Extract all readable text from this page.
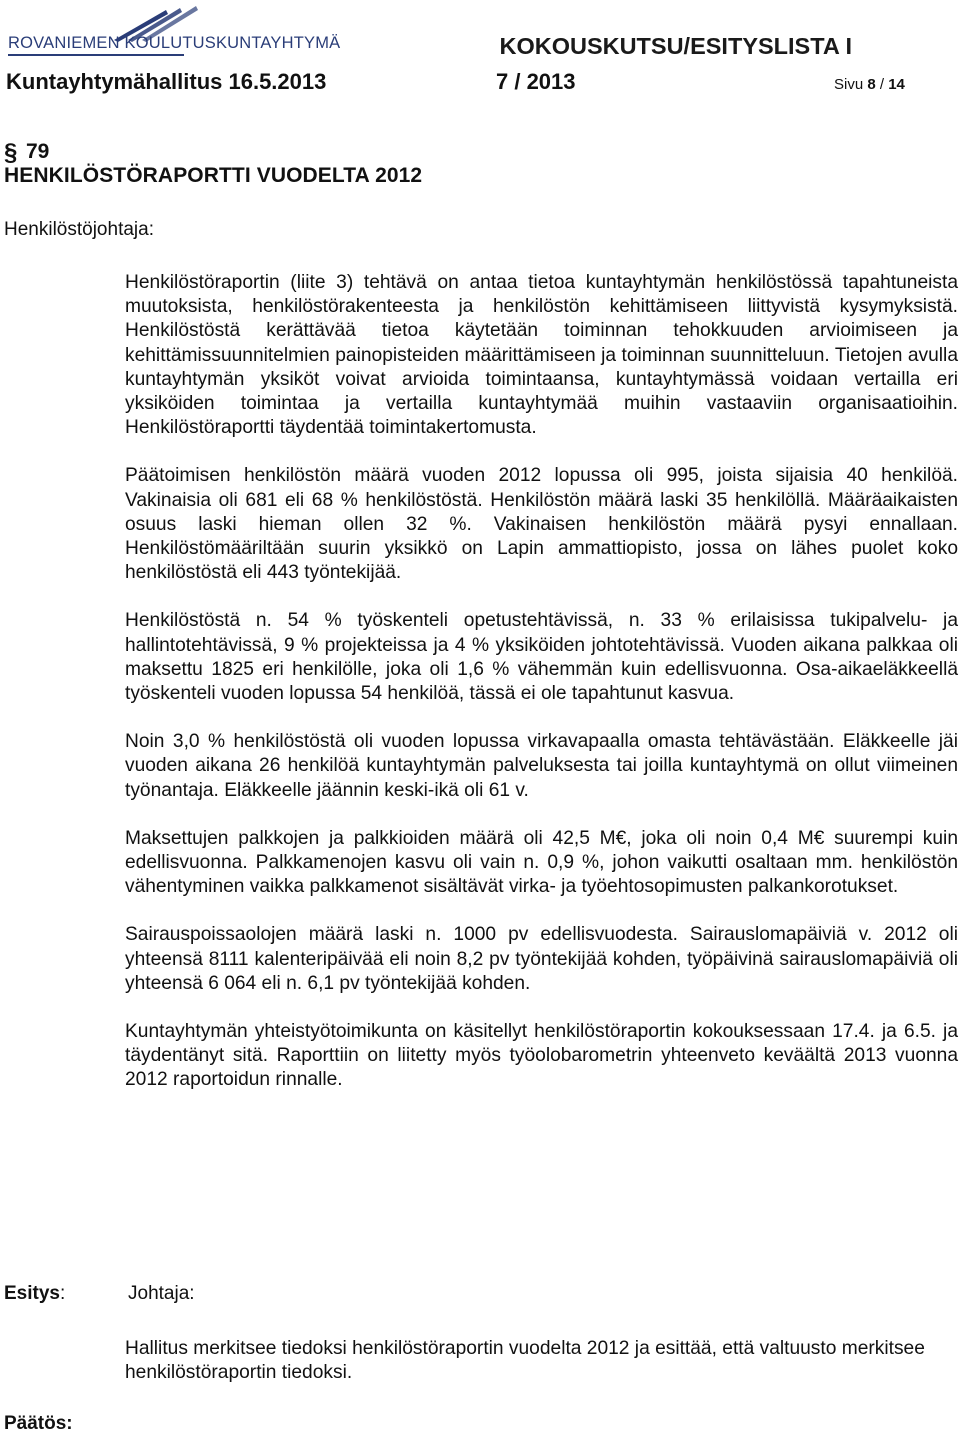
ROVANIEMEN KOULUTUSKUNTAYHTYMÄ	KOKOUSKUTSU/ESITYSLISTA I
Kuntayhtymähallitus 16.5.2013	7 / 2013	Sivu 8 / 14
§ 79
HENKILÖSTÖRAPORTTI VUODELTA 2012
Henkilöstöjohtaja:

Henkilöstöraportin (liite 3) tehtävä on antaa tietoa kuntayhtymän henkilöstössä tapahtuneista muutoksista, henkilöstörakenteesta ja henkilöstön kehittämiseen liittyvistä kysymyksistä. Henkilöstöstä kerättävää tietoa käytetään toiminnan tehokkuuden arvioimiseen ja kehittämissuunnitelmien painopisteiden määrittämiseen ja toiminnan suunnitteluun. Tietojen avulla kuntayhtymän yksiköt voivat arvioida toimintaansa, kuntayhtymässä voidaan vertailla eri yksiköiden toimintaa ja vertailla kuntayhtymää muihin vastaaviin organisaatioihin. Henkilöstöraportti täydentää toimintakertomusta.

Päätoimisen henkilöstön määrä vuoden 2012 lopussa oli 995, joista sijaisia 40 henkilöä. Vakinaisia oli 681 eli 68 % henkilöstöstä. Henkilöstön määrä laski 35 henkilöllä. Määräaikaisten osuus laski hieman ollen 32 %. Vakinaisen henkilöstön määrä pysyi ennallaan. Henkilöstömääriltään suurin yksikkö on Lapin ammattiopisto, jossa on lähes puolet koko henkilöstöstä eli 443 työntekijää.

Henkilöstöstä n. 54 % työskenteli opetustehtävissä, n. 33 % erilaisissa tukipalvelu- ja hallintotehtävissä, 9 % projekteissa ja 4 % yksiköiden johtotehtävissä. Vuoden aikana palkkaa oli maksettu 1825 eri henkilölle, joka oli 1,6 % vähemmän kuin edellisvuonna. Osa-aikaeläkkeellä työskenteli vuoden lopussa 54 henkilöä, tässä ei ole tapahtunut kasvua.

Noin 3,0 % henkilöstöstä oli vuoden lopussa virkavapaalla omasta tehtävästään. Eläkkeelle jäi vuoden aikana 26 henkilöä kuntayhtymän palveluksesta tai joilla kuntayhtymä on ollut viimeinen työnantaja. Eläkkeelle jäännin keski-ikä oli 61 v.

Maksettujen palkkojen ja palkkioiden määrä oli 42,5 M€, joka oli noin 0,4 M€ suurempi kuin edellisvuonna. Palkkamenojen kasvu oli vain n. 0,9 %, johon vaikutti osaltaan mm. henkilöstön vähentyminen vaikka palkkamenot sisältävät virka- ja työehtosopimusten palkankorotukset.

Sairauspoissaolojen määrä laski n. 1000 pv edellisvuodesta. Sairauslomapäiviä v. 2012 oli yhteensä 8111 kalenteripäivää eli noin 8,2 pv työntekijää kohden, työpäivinä sairauslomapäiviä oli yhteensä 6 064 eli n. 6,1 pv työntekijää kohden.

Kuntayhtymän yhteistyötoimikunta on käsitellyt henkilöstöraportin kokouksessaan 17.4. ja 6.5. ja täydentänyt sitä. Raporttiin on liitetty myös työolobarometrin yhteenveto keväältä 2013 vuonna 2012 raportoidun rinnalle.

Esitys:	Johtaja:
Hallitus merkitsee tiedoksi henkilöstöraportin vuodelta 2012 ja esittää, että valtuusto merkitsee henkilöstöraportin tiedoksi.
Päätös:
